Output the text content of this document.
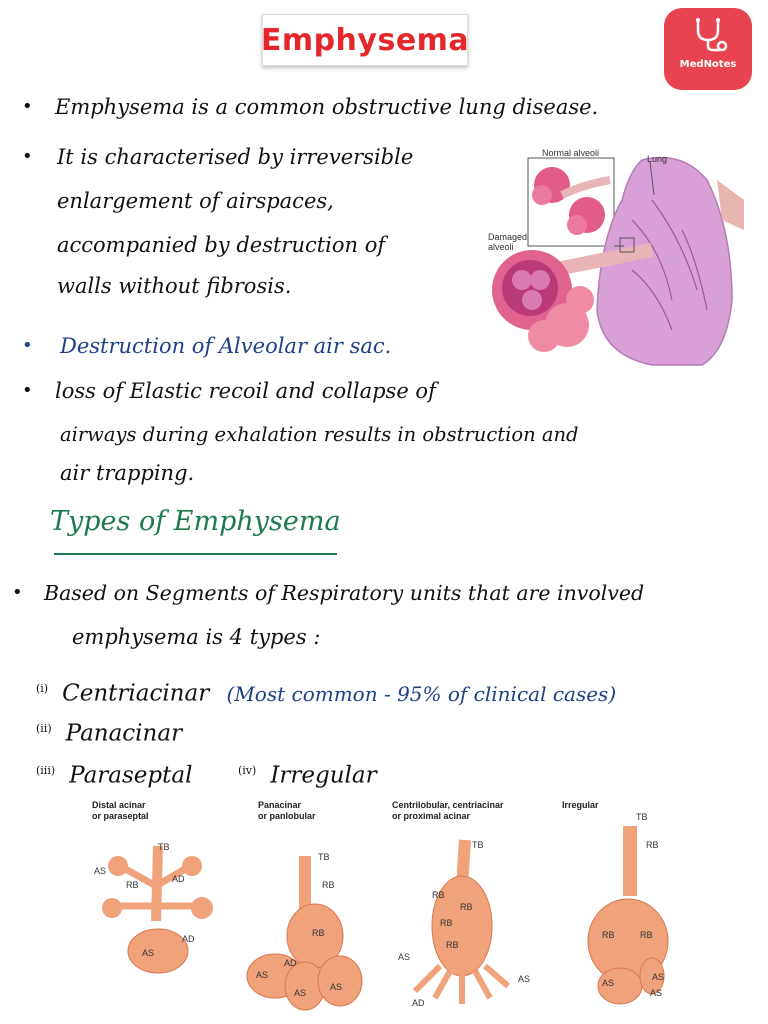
Emphysema
MedNotes
• Emphysema is a common obstructive lung disease.
• It is characterised by irreversible
enlargement of airspaces,
accompanied by destruction of
walls without fibrosis.
• Destruction of Alveolar air sac.
• loss of Elastic recoil and collapse of
airways during exhalation results in obstruction and
air trapping.
Normal alveoli
Lung
Damaged alveoli
Types of Emphysema
• Based on Segments of Respiratory units that are involved
emphysema is 4 types :
$^{(i)}$ Centriacinar (Most common - 95% of clinical cases)
$^{(ii)}$ Panacinar
$^{(iii)}$ Paraseptal	$^{(iv)}$ Irregular
Distal acinar
or paraseptal
TB
AS
RB
AD
AD
AS
Panacinar
or panlobular
TB
RB
RB
AD
AS
AS
AS
Centrilobular, centriacinar
or proximal acinar
TB
RB
RB
RB
RB
AS
AS
AD
Irregular
TB
RB
RB	RB
AS
AS
AS
